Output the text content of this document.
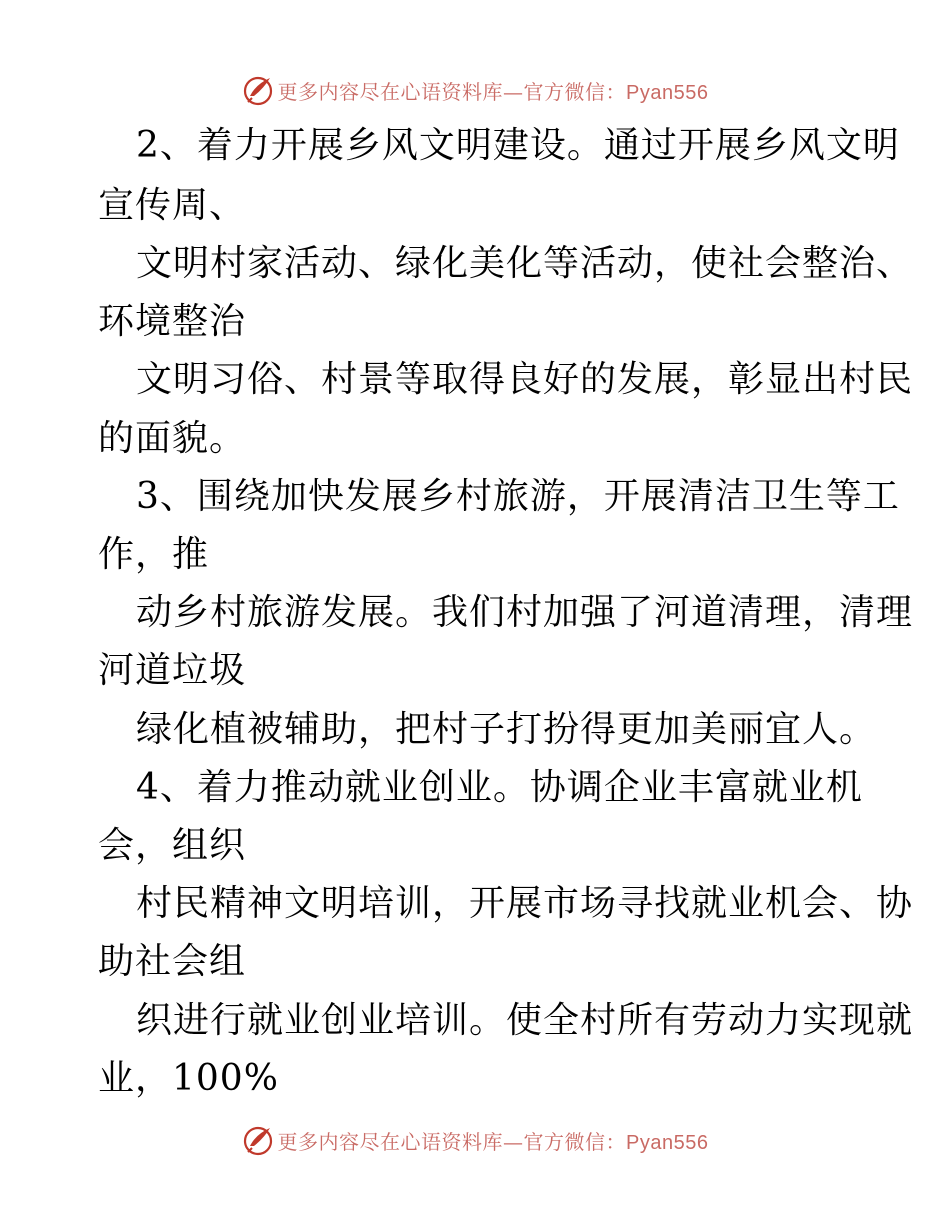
更多内容尽在心语资料库—官方微信：Pyan556
2、着力开展乡风文明建设。通过开展乡风文明
宣传周、
文明村家活动、绿化美化等活动，使社会整治、
环境整治
文明习俗、村景等取得良好的发展，彰显出村民
的面貌。
3、围绕加快发展乡村旅游，开展清洁卫生等工
作，推
动乡村旅游发展。我们村加强了河道清理，清理
河道垃圾
绿化植被辅助，把村子打扮得更加美丽宜人。
4、着力推动就业创业。协调企业丰富就业机
会，组织
村民精神文明培训，开展市场寻找就业机会、协
助社会组
织进行就业创业培训。使全村所有劳动力实现就
业，100%
更多内容尽在心语资料库—官方微信：Pyan556
